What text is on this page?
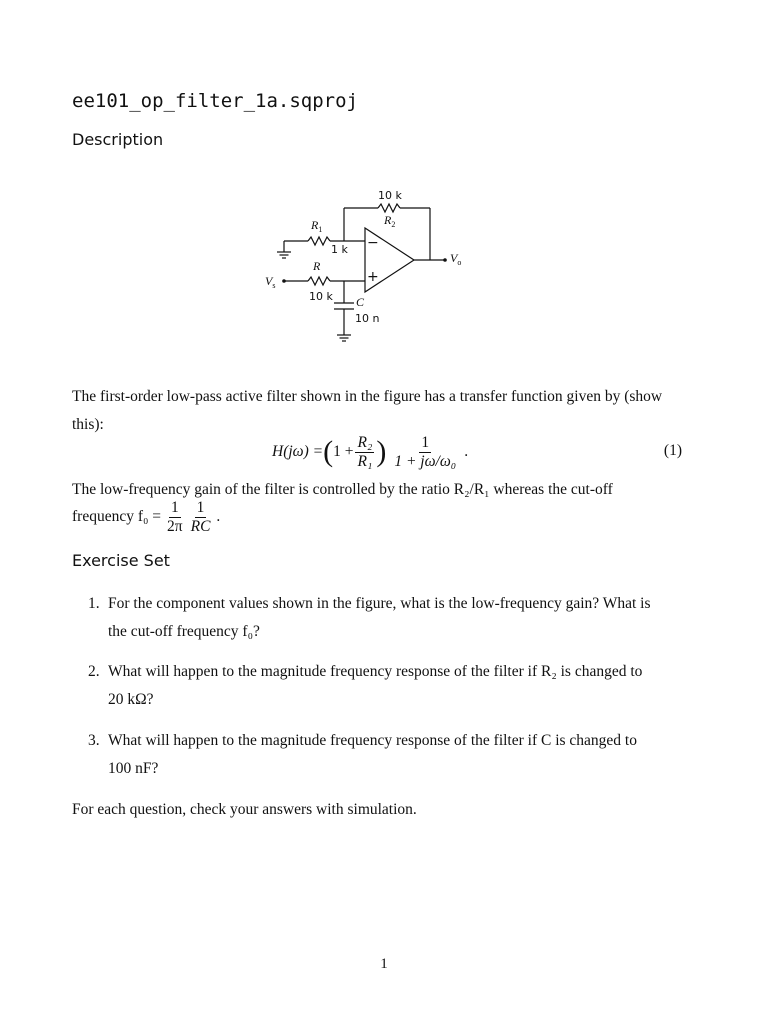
ee101_op_filter_1a.sqproj
Description
10 k
$R_2$
$R_1$
1 k −
+
R
10 k
$V_s$
$V_o$
C
10 n
The first-order low-pass active filter shown in the figure has a transfer function given by (show
this):
H(jω) = ( $1 + \frac{\text{R₂}}{\text{R₁}}$ ) $\frac{1}{\text{1 + jω/ω₀}}$ .	(1)
The low-frequency gain of the filter is controlled by the ratio R₂/R₁ whereas the cut-off
frequency $f_0 = \frac{1}{2\pi} \frac{1}{RC}$ .
Exercise Set
1. For the component values shown in the figure, what is the low-frequency gain? What is
the cut-off frequency f₀?
2. What will happen to the magnitude frequency response of the filter if R₂ is changed to
20 kΩ?
3. What will happen to the magnitude frequency response of the filter if C is changed to
100 nF?
For each question, check your answers with simulation.
1
